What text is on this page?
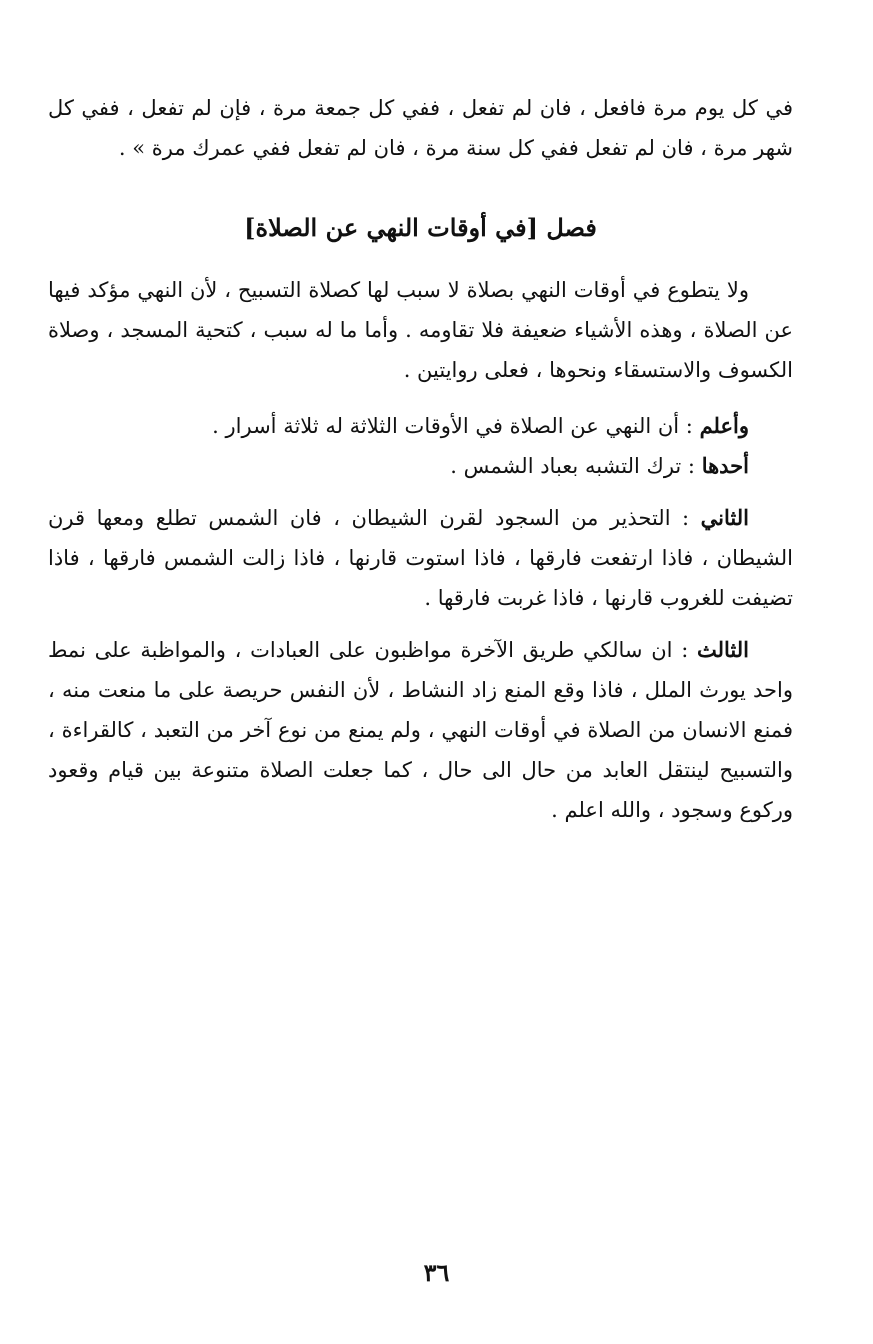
في كل يوم مرة فافعل ، فان لم تفعل ، ففي كل جمعة مرة ، فإن لم تفعل ، ففي كل شهر مرة ، فان لم تفعل ففي كل سنة مرة ، فان لم تفعل ففي عمرك مرة » .

فصل [في أوقات النهي عن الصلاة]

ولا يتطوع في أوقات النهي بصلاة لا سبب لها كصلاة التسبيح ، لأن النهي مؤكد فيها عن الصلاة ، وهذه الأشياء ضعيفة فلا تقاومه . وأما ما له سبب ، كتحية المسجد ، وصلاة الكسوف والاستسقاء ونحوها ، فعلى روايتين .

وأعلم : أن النهي عن الصلاة في الأوقات الثلاثة له ثلاثة أسرار .

أحدها : ترك التشبه بعباد الشمس .

الثاني : التحذير من السجود لقرن الشيطان ، فان الشمس تطلع ومعها قرن الشيطان ، فاذا ارتفعت فارقها ، فاذا استوت قارنها ، فاذا زالت الشمس فارقها ، فاذا تضيفت للغروب قارنها ، فاذا غربت فارقها .

الثالث : ان سالكي طريق الآخرة مواظبون على العبادات ، والمواظبة على نمط واحد يورث الملل ، فاذا وقع المنع زاد النشاط ، لأن النفس حريصة على ما منعت منه ، فمنع الانسان من الصلاة في أوقات النهي ، ولم يمنع من نوع آخر من التعبد ، كالقراءة ، والتسبيح لينتقل العابد من حال الى حال ، كما جعلت الصلاة متنوعة بين قيام وقعود وركوع وسجود ، والله اعلم .

٣٦
